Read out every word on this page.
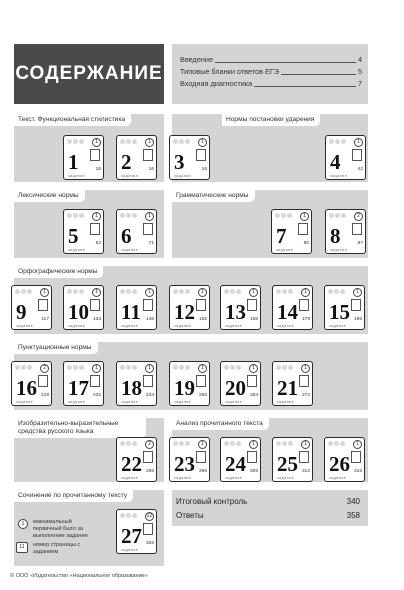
СОДЕРЖАНИЕ
Введение	4
Типовые бланки ответов ЕГЭ	5
Входная диагностика	7
Текст. Функциональная стилистика	Нормы постановки ударения
Лексические нормы	Грамматические нормы
Орфографические нормы
Пунктуационные нормы
Изобразительно-выразительные средства русского языка
Анализ прочитанного текста
Сочинение по прочитанному тексту
Итоговый контроль	340
Ответы	358
1
16
1
задание
1
16
2
задание
1
16
3
задание
1
42
4
задание
1
52
5
задание
1
71
6
задание
1
80
7
задание
2
97
8
задание
1
117
9
задание
1
133
10
задание
1
146
11
задание
1
155
12
задание
1
168
13
задание
1
179
14
задание
1
199
15
задание
2
218
16
задание
1
232
17
задание
1
244
18
задание
1
256
19
задание
1
264
20
задание
1
272
21
задание
2
285
22
задание
1
296
23
задание
1
305
24
задание
1
312
25
задание
1
319
26
задание
22
326
27
задание
1	максимальный первичный балл за выполнение задания
11	номер страницы с заданием
© ООО «Издательство «Национальное образование»
